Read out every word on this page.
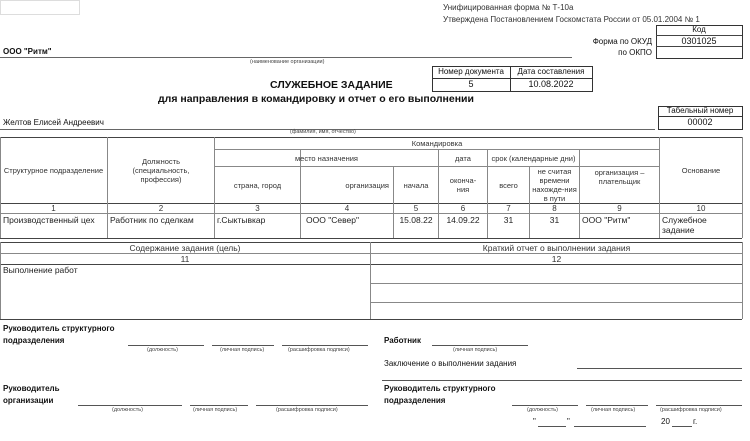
Унифицированная форма № Т-10а
Утверждена Постановлением Госкомстата России от 05.01.2004 № 1
Код
0301025
Форма по ОКУД
по ОКПО
ООО "Ритм"
(наименование организации)
Номер документа	Дата составления
5	10.08.2022
СЛУЖЕБНОЕ ЗАДАНИЕ
для направления в командировку и отчет о его выполнении
Табельный номер
00002
Желтов Елисей Андреевич
(фамилия, имя, отчество)
Структурное подразделение
Должность (специальность, профессия)
Командировка
место назначения	дата	срок (календарные дни)
страна, город	организация	начала	оконча-ния	всего
не считая времени нахожде-ния в пути
организация – плательщик
Основание
1	2	3	4	5	6	7	8	9	10
Производственный цех	Работник по сделкам	г.Сыктывкар	ООО "Север"	15.08.22	14.09.22	31	31	ООО "Ритм"	Служебное задание
Содержание задания (цель)	Краткий отчет о выполнении задания
11	12
Выполнение работ
Руководитель структурного
подразделения
(должность)	(личная подпись)	(расшифровка подписи)
Работник
(личная подпись)
Заключение о выполнении задания
Руководитель
организации
(должность)	(личная подпись)	(расшифровка подписи)
Руководитель структурного
подразделения
(должность)	(личная подпись)	(расшифровка подписи)
"	"	20	г.
